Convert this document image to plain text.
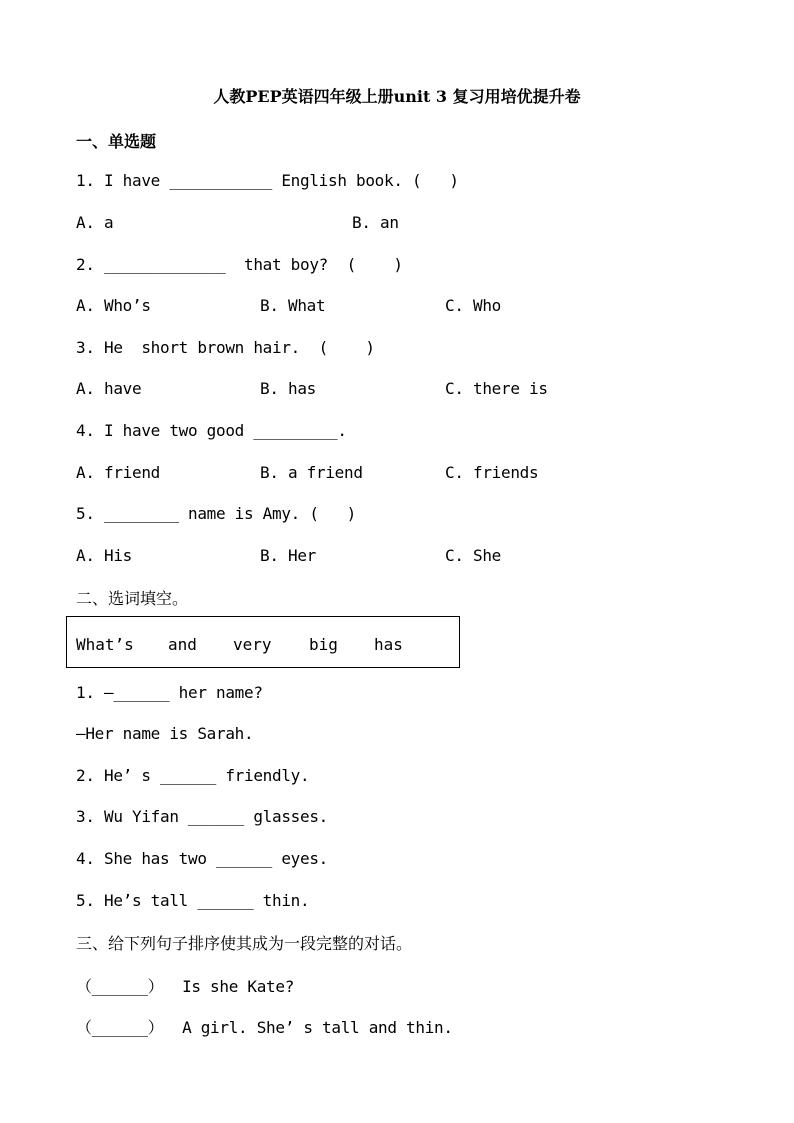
人教PEP英语四年级上册unit 3 复习用培优提升卷
一、单选题
1. I have ___________ English book. (   )
A. a	B. an
2. _____________  that boy?  (    )
A. Who’s	B. What	C. Who
3. He  short brown hair.  (    )
A. have	B. has	C. there is
4. I have two good _________.
A. friend	B. a friend	C. friends
5. ________ name is Amy. (   )
A. His	B. Her	C. She
二、选词填空。
What’s and very big has
1. —______ her name?
—Her name is Sarah.
2. He’ s ______ friendly.
3. Wu Yifan ______ glasses.
4. She has two ______ eyes.
5. He’s tall ______ thin.
三、给下列句子排序使其成为一段完整的对话。
（______）  Is she Kate?
（______）  A girl. She’ s tall and thin.
